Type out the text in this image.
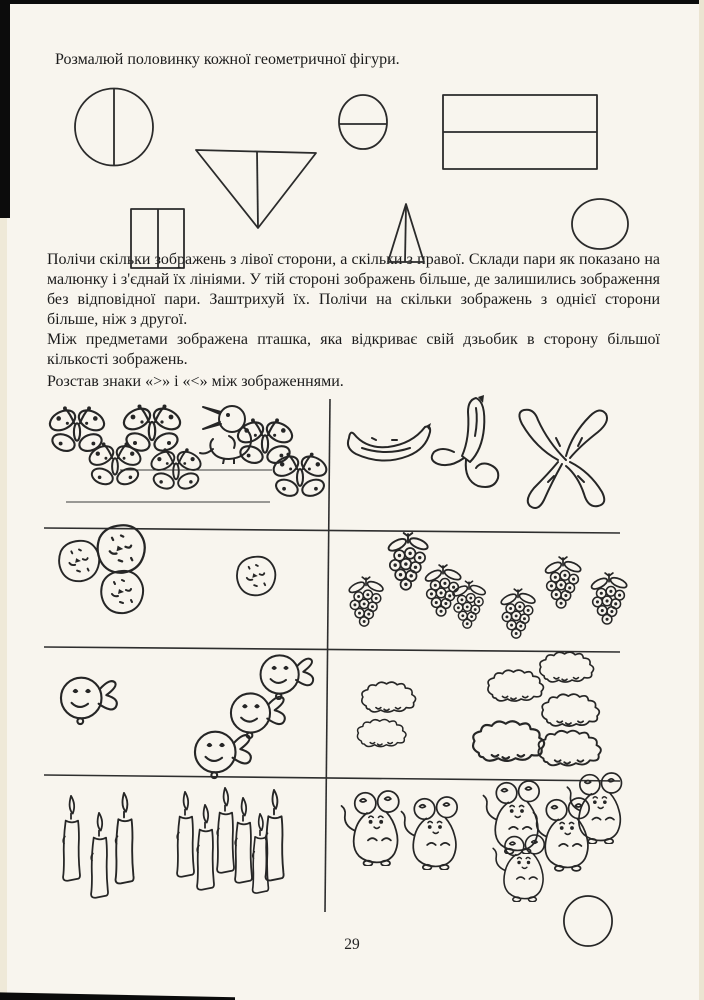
Розмалюй половинку кожної геометричної фігури.
Полічи скільки зображень з лівої сторони, а скільки з правої. Склади пари як показано на малюнку і з'єднай їх лініями. У тій стороні зображень більше, де залишились зображення без відповідної пари. Заштрихуй їх. Полічи на скільки зображень з однієї сторони більше, ніж з другої.
Між предметами зображена пташка, яка відкриває свій дзьобик в сторону більшої кількості зображень.
Розстав знаки «>» і «<» між зображеннями.
29
